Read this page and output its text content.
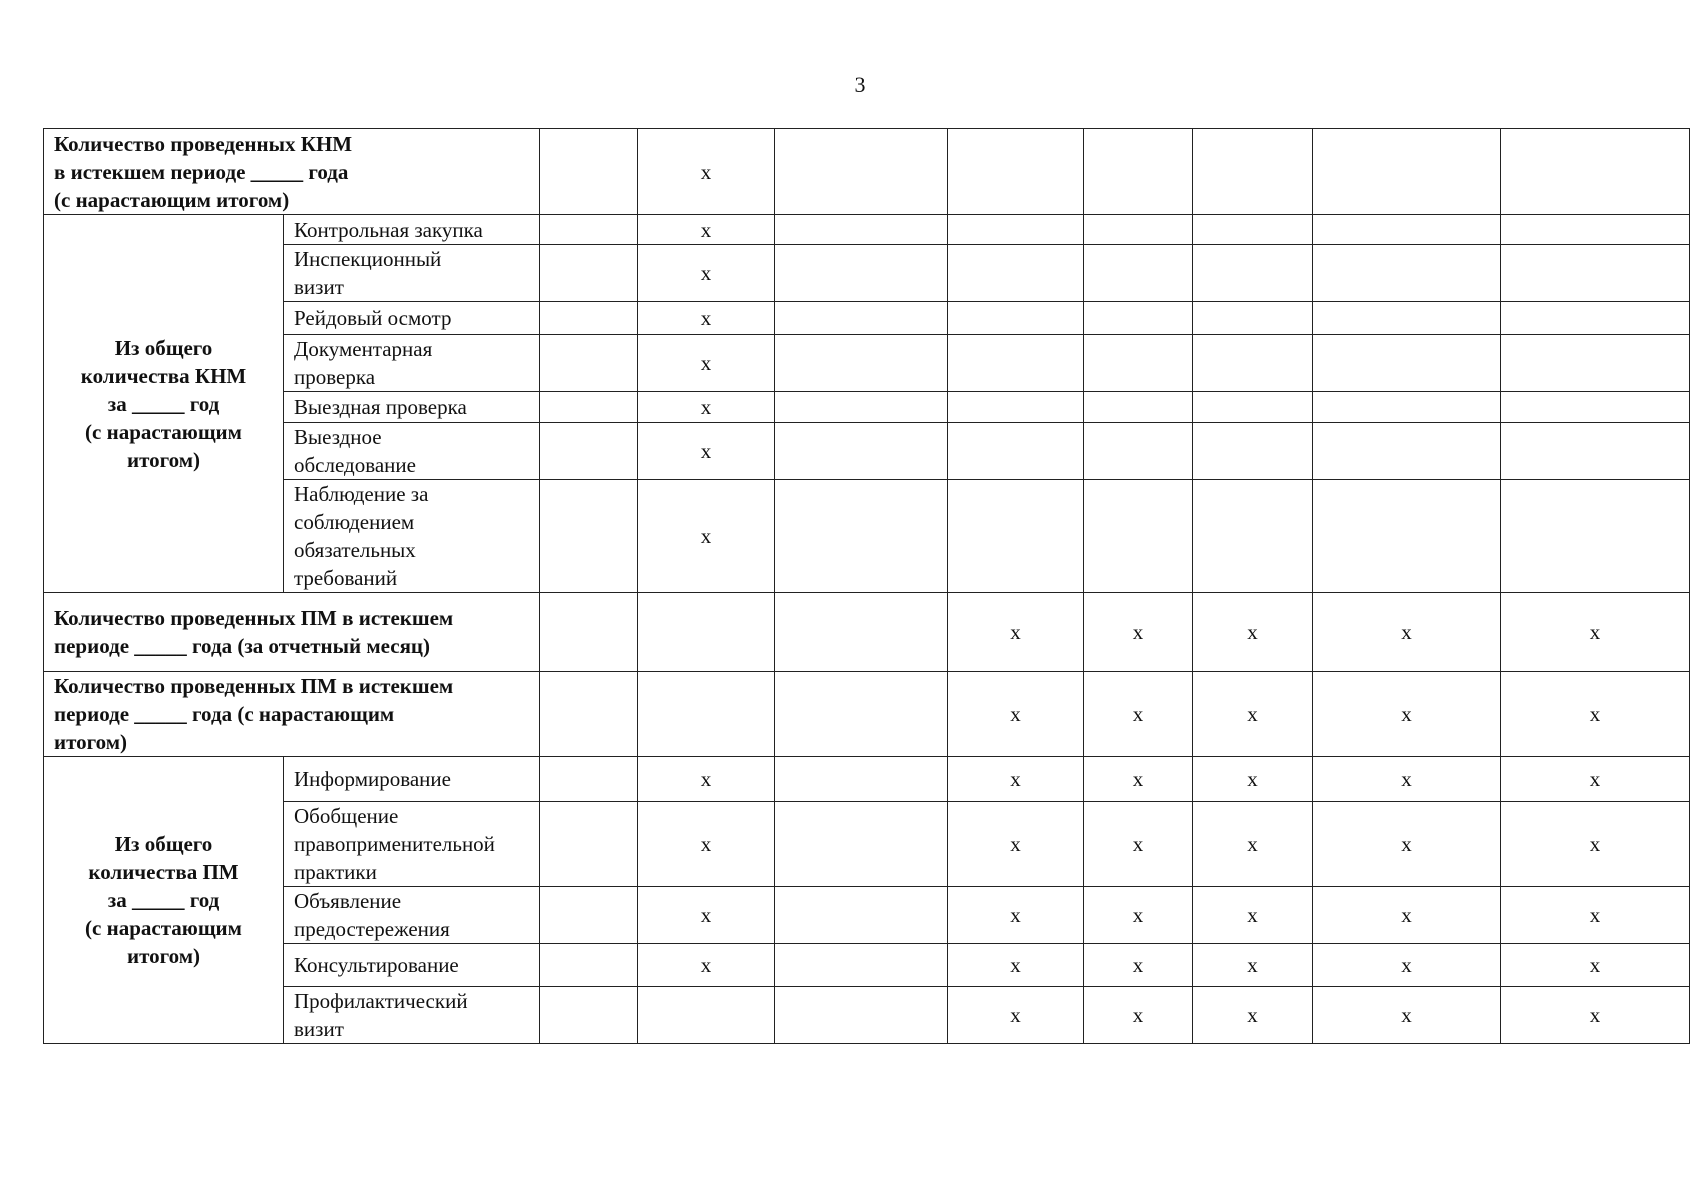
3
Количество проведенных КНМ
в истекшем периоде _____ года
(с нарастающим итогом)			х						
Из общего
количества КНМ
за _____ год
(с нарастающим
итогом)	Контрольная закупка		х						
	Инспекционный
визит		х						
	Рейдовый осмотр		х						
	Документарная
проверка		х						
	Выездная проверка		х						
	Выездное
обследование		х						
	Наблюдение за
соблюдением
обязательных
требований		х						
Количество проведенных ПМ в истекшем
периоде _____ года (за отчетный месяц)					х	х	х	х	х
Количество проведенных ПМ в истекшем
периоде _____ года (с нарастающим
итогом)					х	х	х	х	х
Из общего
количества ПМ
за _____ год
(с нарастающим
итогом)	Информирование		х		х	х	х	х	х
	Обобщение
правоприменительной
практики		х		х	х	х	х	х
	Объявление
предостережения		х		х	х	х	х	х
	Консультирование		х		х	х	х	х	х
	Профилактический
визит				х	х	х	х	х
